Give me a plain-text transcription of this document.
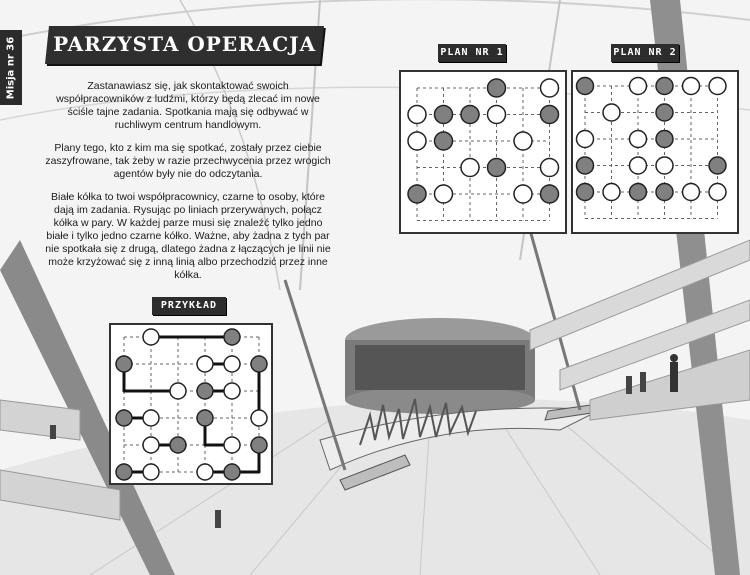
Misja nr 36 PARZYSTA OPERACJA

Zastanawiasz się, jak skontaktować swoich współpracowników z ludźmi, którzy będą zlecać im nowe ściśle tajne zadania. Spotkania mają się odbywać w ruchliwym centrum handlowym.

Plany tego, kto z kim ma się spotkać, zostały przez ciebie zaszyfrowane, tak żeby w razie przechwycenia przez wrogich agentów były nie do odczytania.

Białe kółka to twoi współpracownicy, czarne to osoby, które dają im zadania. Rysując po liniach przerywanych, połącz kółka w pary. W każdej parze musi się znaleźć tylko jedno białe i tylko jedno czarne kółko. Ważne, aby żadna z tych par nie spotkała się z drugą, dlatego żadna z łączących je linii nie może krzyżować się z inną linią albo przechodzić przez inne kółka.

PLAN NR 1	PLAN NR 2
PRZYKŁAD
